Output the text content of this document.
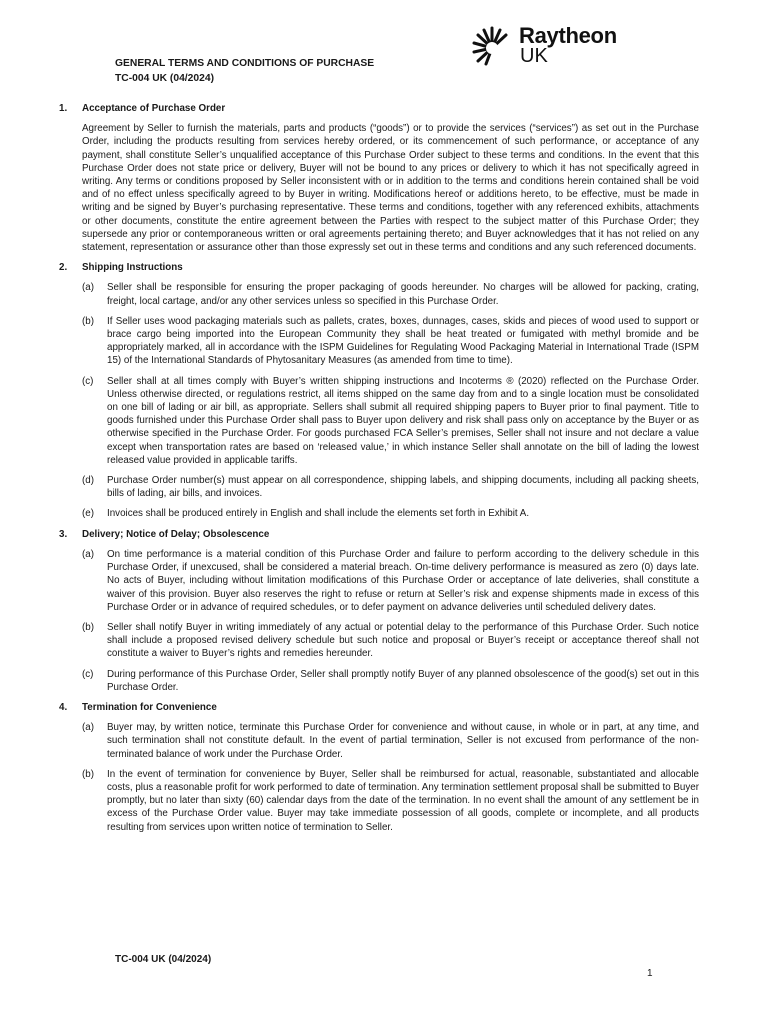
Raytheon
UK
GENERAL TERMS AND CONDITIONS OF PURCHASE
TC-004 UK (04/2024)
1.	Acceptance of Purchase Order
Agreement by Seller to furnish the materials, parts and products (“goods”) or to provide the services (“services”) as set out in the Purchase Order, including the products resulting from services hereby ordered, or its commencement of such performance, or acceptance of any payment, shall constitute Seller’s unqualified acceptance of this Purchase Order subject to these terms and conditions. In the event that this Purchase Order does not state price or delivery, Buyer will not be bound to any prices or delivery to which it has not specifically agreed in writing. Any terms or conditions proposed by Seller inconsistent with or in addition to the terms and conditions herein contained shall be void and of no effect unless specifically agreed to by Buyer in writing. Modifications hereof or additions hereto, to be effective, must be made in writing and be signed by Buyer’s purchasing representative. These terms and conditions, together with any referenced exhibits, attachments or other documents, constitute the entire agreement between the Parties with respect to the subject matter of this Purchase Order; they supersede any prior or contemporaneous written or oral agreements pertaining thereto; and Buyer acknowledges that it has not relied on any statement, representation or assurance other than those expressly set out in these terms and conditions and any such referenced documents.
2.	Shipping Instructions
(a)	Seller shall be responsible for ensuring the proper packaging of goods hereunder. No charges will be allowed for packing, crating, freight, local cartage, and/or any other services unless so specified in this Purchase Order.
(b)	If Seller uses wood packaging materials such as pallets, crates, boxes, dunnages, cases, skids and pieces of wood used to support or brace cargo being imported into the European Community they shall be heat treated or fumigated with methyl bromide and be appropriately marked, all in accordance with the ISPM Guidelines for Regulating Wood Packaging Material in International Trade (ISPM 15) of the International Standards of Phytosanitary Measures (as amended from time to time).
(c)	Seller shall at all times comply with Buyer’s written shipping instructions and Incoterms ® (2020) reflected on the Purchase Order. Unless otherwise directed, or regulations restrict, all items shipped on the same day from and to a single location must be consolidated on one bill of lading or air bill, as appropriate. Sellers shall submit all required shipping papers to Buyer prior to final payment. Title to goods furnished under this Purchase Order shall pass to Buyer upon delivery and risk shall pass only on acceptance by the Buyer or as otherwise specified in the Purchase Order. For goods purchased FCA Seller’s premises, Seller shall not insure and not declare a value except when transportation rates are based on ‘released value,’ in which instance Seller shall annotate on the bill of lading the lowest released value provided in applicable tariffs.
(d)	Purchase Order number(s) must appear on all correspondence, shipping labels, and shipping documents, including all packing sheets, bills of lading, air bills, and invoices.
(e)	Invoices shall be produced entirely in English and shall include the elements set forth in Exhibit A.
3.	Delivery; Notice of Delay; Obsolescence
(a)	On time performance is a material condition of this Purchase Order and failure to perform according to the delivery schedule in this Purchase Order, if unexcused, shall be considered a material breach. On-time delivery performance is measured as zero (0) days late. No acts of Buyer, including without limitation modifications of this Purchase Order or acceptance of late deliveries, shall constitute a waiver of this provision. Buyer also reserves the right to refuse or return at Seller’s risk and expense shipments made in excess of this Purchase Order or in advance of required schedules, or to defer payment on advance deliveries until scheduled delivery dates.
(b)	Seller shall notify Buyer in writing immediately of any actual or potential delay to the performance of this Purchase Order. Such notice shall include a proposed revised delivery schedule but such notice and proposal or Buyer’s receipt or acceptance thereof shall not constitute a waiver to Buyer’s rights and remedies hereunder.
(c)	During performance of this Purchase Order, Seller shall promptly notify Buyer of any planned obsolescence of the good(s) set out in this Purchase Order.
4.	Termination for Convenience
(a)	Buyer may, by written notice, terminate this Purchase Order for convenience and without cause, in whole or in part, at any time, and such termination shall not constitute default. In the event of partial termination, Seller is not excused from performance of the non-terminated balance of work under the Purchase Order.
(b)	In the event of termination for convenience by Buyer, Seller shall be reimbursed for actual, reasonable, substantiated and allocable costs, plus a reasonable profit for work performed to date of termination. Any termination settlement proposal shall be submitted to Buyer promptly, but no later than sixty (60) calendar days from the date of the termination. In no event shall the amount of any settlement be in excess of the Purchase Order value. Buyer may take immediate possession of all goods, complete or incomplete, and all products resulting from services upon written notice of termination to Seller.
TC-004 UK (04/2024)
1
